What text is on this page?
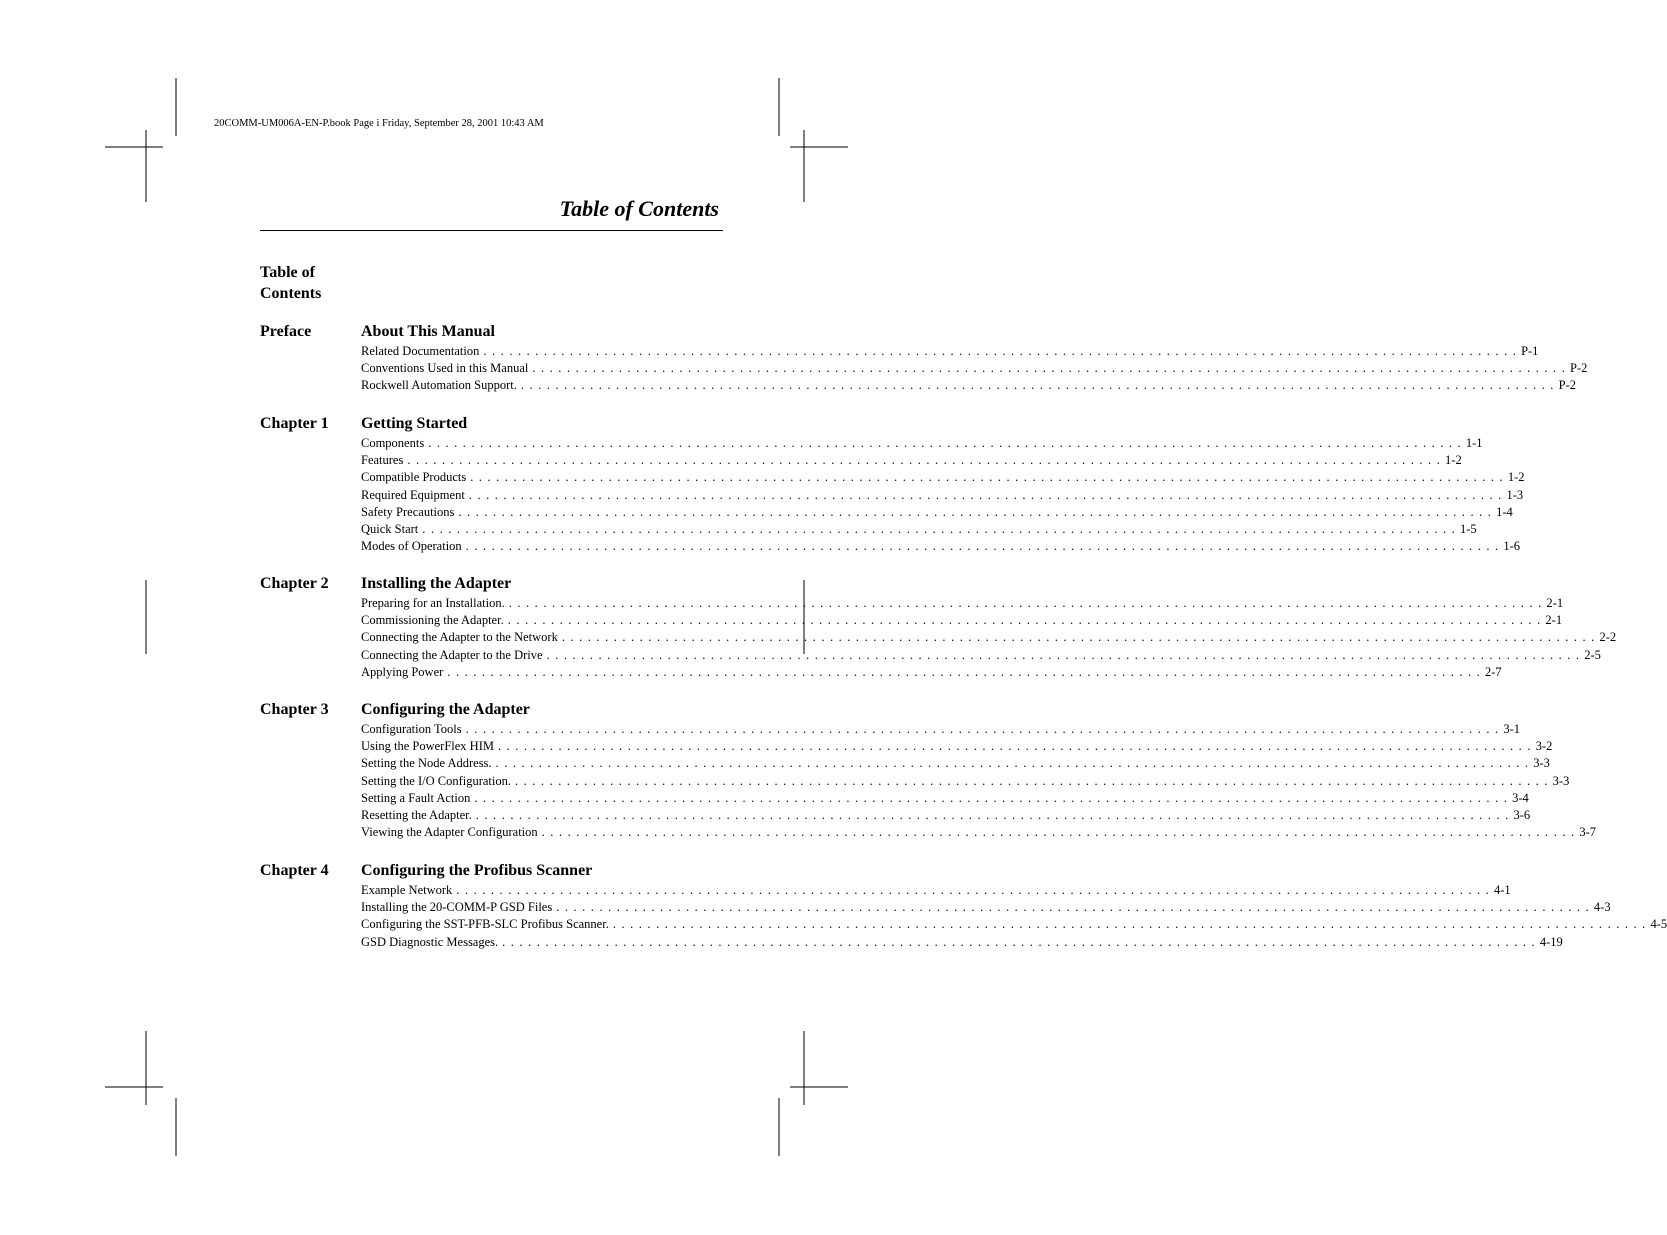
20COMM-UM006A-EN-P.book Page i Friday, September 28, 2001 10:43 AM
Table of Contents
Table of
Contents
Preface	About This Manual
Related Documentation . . . . . . . . . . . . . . . . . . . . . . . . . . . . . . . . . . . . . . . . . . . . . . . . . . . . . . . . . . . . . . . . . . . . . . . . . . . . . . . . . . . . . . . . . . . . . . . . . . . . . . . . . . . . . . . . . . . . . . . . P-1
Conventions Used in this Manual . . . . . . . . . . . . . . . . . . . . . . . . . . . . . . . . . . . . . . . . . . . . . . . . . . . . . . . . . . . . . . . . . . . . . . . . . . . . . . . . . . . . . . . . . . . . . . . . . . . . . . . . . . . . . . . . . . . . . . . . P-2
Rockwell Automation Support. . . . . . . . . . . . . . . . . . . . . . . . . . . . . . . . . . . . . . . . . . . . . . . . . . . . . . . . . . . . . . . . . . . . . . . . . . . . . . . . . . . . . . . . . . . . . . . . . . . . . . . . . . . . . . . . . . . . . . . . . P-2
Chapter 1 Getting Started
Components . . . . . . . . . . . . . . . . . . . . . . . . . . . . . . . . . . . . . . . . . . . . . . . . . . . . . . . . . . . . . . . . . . . . . . . . . . . . . . . . . . . . . . . . . . . . . . . . . . . . . . . . . . . . . . . . . . . . . . . . 1-1
Features . . . . . . . . . . . . . . . . . . . . . . . . . . . . . . . . . . . . . . . . . . . . . . . . . . . . . . . . . . . . . . . . . . . . . . . . . . . . . . . . . . . . . . . . . . . . . . . . . . . . . . . . . . . . . . . . . . . . . . . . 1-2
Compatible Products . . . . . . . . . . . . . . . . . . . . . . . . . . . . . . . . . . . . . . . . . . . . . . . . . . . . . . . . . . . . . . . . . . . . . . . . . . . . . . . . . . . . . . . . . . . . . . . . . . . . . . . . . . . . . . . . . . . . . . . . 1-2
Required Equipment . . . . . . . . . . . . . . . . . . . . . . . . . . . . . . . . . . . . . . . . . . . . . . . . . . . . . . . . . . . . . . . . . . . . . . . . . . . . . . . . . . . . . . . . . . . . . . . . . . . . . . . . . . . . . . . . . . . . . . . . 1-3
Safety Precautions . . . . . . . . . . . . . . . . . . . . . . . . . . . . . . . . . . . . . . . . . . . . . . . . . . . . . . . . . . . . . . . . . . . . . . . . . . . . . . . . . . . . . . . . . . . . . . . . . . . . . . . . . . . . . . . . . . . . . . . . 1-4
Quick Start . . . . . . . . . . . . . . . . . . . . . . . . . . . . . . . . . . . . . . . . . . . . . . . . . . . . . . . . . . . . . . . . . . . . . . . . . . . . . . . . . . . . . . . . . . . . . . . . . . . . . . . . . . . . . . . . . . . . . . . . 1-5
Modes of Operation . . . . . . . . . . . . . . . . . . . . . . . . . . . . . . . . . . . . . . . . . . . . . . . . . . . . . . . . . . . . . . . . . . . . . . . . . . . . . . . . . . . . . . . . . . . . . . . . . . . . . . . . . . . . . . . . . . . . . . . . 1-6
Chapter 2 Installing the Adapter
Preparing for an Installation. . . . . . . . . . . . . . . . . . . . . . . . . . . . . . . . . . . . . . . . . . . . . . . . . . . . . . . . . . . . . . . . . . . . . . . . . . . . . . . . . . . . . . . . . . . . . . . . . . . . . . . . . . . . . . . . . . . . . . . . . 2-1
Commissioning the Adapter. . . . . . . . . . . . . . . . . . . . . . . . . . . . . . . . . . . . . . . . . . . . . . . . . . . . . . . . . . . . . . . . . . . . . . . . . . . . . . . . . . . . . . . . . . . . . . . . . . . . . . . . . . . . . . . . . . . . . . . . . 2-1
Connecting the Adapter to the Network . . . . . . . . . . . . . . . . . . . . . . . . . . . . . . . . . . . . . . . . . . . . . . . . . . . . . . . . . . . . . . . . . . . . . . . . . . . . . . . . . . . . . . . . . . . . . . . . . . . . . . . . . . . . . . . . . . . . . . . . 2-2
Connecting the Adapter to the Drive . . . . . . . . . . . . . . . . . . . . . . . . . . . . . . . . . . . . . . . . . . . . . . . . . . . . . . . . . . . . . . . . . . . . . . . . . . . . . . . . . . . . . . . . . . . . . . . . . . . . . . . . . . . . . . . . . . . . . . . . 2-5
Applying Power . . . . . . . . . . . . . . . . . . . . . . . . . . . . . . . . . . . . . . . . . . . . . . . . . . . . . . . . . . . . . . . . . . . . . . . . . . . . . . . . . . . . . . . . . . . . . . . . . . . . . . . . . . . . . . . . . . . . . . . . 2-7
Chapter 3 Configuring the Adapter
Configuration Tools . . . . . . . . . . . . . . . . . . . . . . . . . . . . . . . . . . . . . . . . . . . . . . . . . . . . . . . . . . . . . . . . . . . . . . . . . . . . . . . . . . . . . . . . . . . . . . . . . . . . . . . . . . . . . . . . . . . . . . . . 3-1
Using the PowerFlex HIM . . . . . . . . . . . . . . . . . . . . . . . . . . . . . . . . . . . . . . . . . . . . . . . . . . . . . . . . . . . . . . . . . . . . . . . . . . . . . . . . . . . . . . . . . . . . . . . . . . . . . . . . . . . . . . . . . . . . . . . . 3-2
Setting the Node Address. . . . . . . . . . . . . . . . . . . . . . . . . . . . . . . . . . . . . . . . . . . . . . . . . . . . . . . . . . . . . . . . . . . . . . . . . . . . . . . . . . . . . . . . . . . . . . . . . . . . . . . . . . . . . . . . . . . . . . . . . 3-3
Setting the I/O Configuration. . . . . . . . . . . . . . . . . . . . . . . . . . . . . . . . . . . . . . . . . . . . . . . . . . . . . . . . . . . . . . . . . . . . . . . . . . . . . . . . . . . . . . . . . . . . . . . . . . . . . . . . . . . . . . . . . . . . . . . . . 3-3
Setting a Fault Action . . . . . . . . . . . . . . . . . . . . . . . . . . . . . . . . . . . . . . . . . . . . . . . . . . . . . . . . . . . . . . . . . . . . . . . . . . . . . . . . . . . . . . . . . . . . . . . . . . . . . . . . . . . . . . . . . . . . . . . . 3-4
Resetting the Adapter. . . . . . . . . . . . . . . . . . . . . . . . . . . . . . . . . . . . . . . . . . . . . . . . . . . . . . . . . . . . . . . . . . . . . . . . . . . . . . . . . . . . . . . . . . . . . . . . . . . . . . . . . . . . . . . . . . . . . . . . . 3-6
Viewing the Adapter Configuration . . . . . . . . . . . . . . . . . . . . . . . . . . . . . . . . . . . . . . . . . . . . . . . . . . . . . . . . . . . . . . . . . . . . . . . . . . . . . . . . . . . . . . . . . . . . . . . . . . . . . . . . . . . . . . . . . . . . . . . . 3-7
Chapter 4 Configuring the Profibus Scanner
Example Network . . . . . . . . . . . . . . . . . . . . . . . . . . . . . . . . . . . . . . . . . . . . . . . . . . . . . . . . . . . . . . . . . . . . . . . . . . . . . . . . . . . . . . . . . . . . . . . . . . . . . . . . . . . . . . . . . . . . . . . . 4-1
Installing the 20-COMM-P GSD Files . . . . . . . . . . . . . . . . . . . . . . . . . . . . . . . . . . . . . . . . . . . . . . . . . . . . . . . . . . . . . . . . . . . . . . . . . . . . . . . . . . . . . . . . . . . . . . . . . . . . . . . . . . . . . . . . . . . . . . . . 4-3
Configuring the SST-PFB-SLC Profibus Scanner. . . . . . . . . . . . . . . . . . . . . . . . . . . . . . . . . . . . . . . . . . . . . . . . . . . . . . . . . . . . . . . . . . . . . . . . . . . . . . . . . . . . . . . . . . . . . . . . . . . . . . . . . . . . . . . . . . . . . . . . . 4-5
GSD Diagnostic Messages. . . . . . . . . . . . . . . . . . . . . . . . . . . . . . . . . . . . . . . . . . . . . . . . . . . . . . . . . . . . . . . . . . . . . . . . . . . . . . . . . . . . . . . . . . . . . . . . . . . . . . . . . . . . . . . . . . . . . . . . . 4-19
